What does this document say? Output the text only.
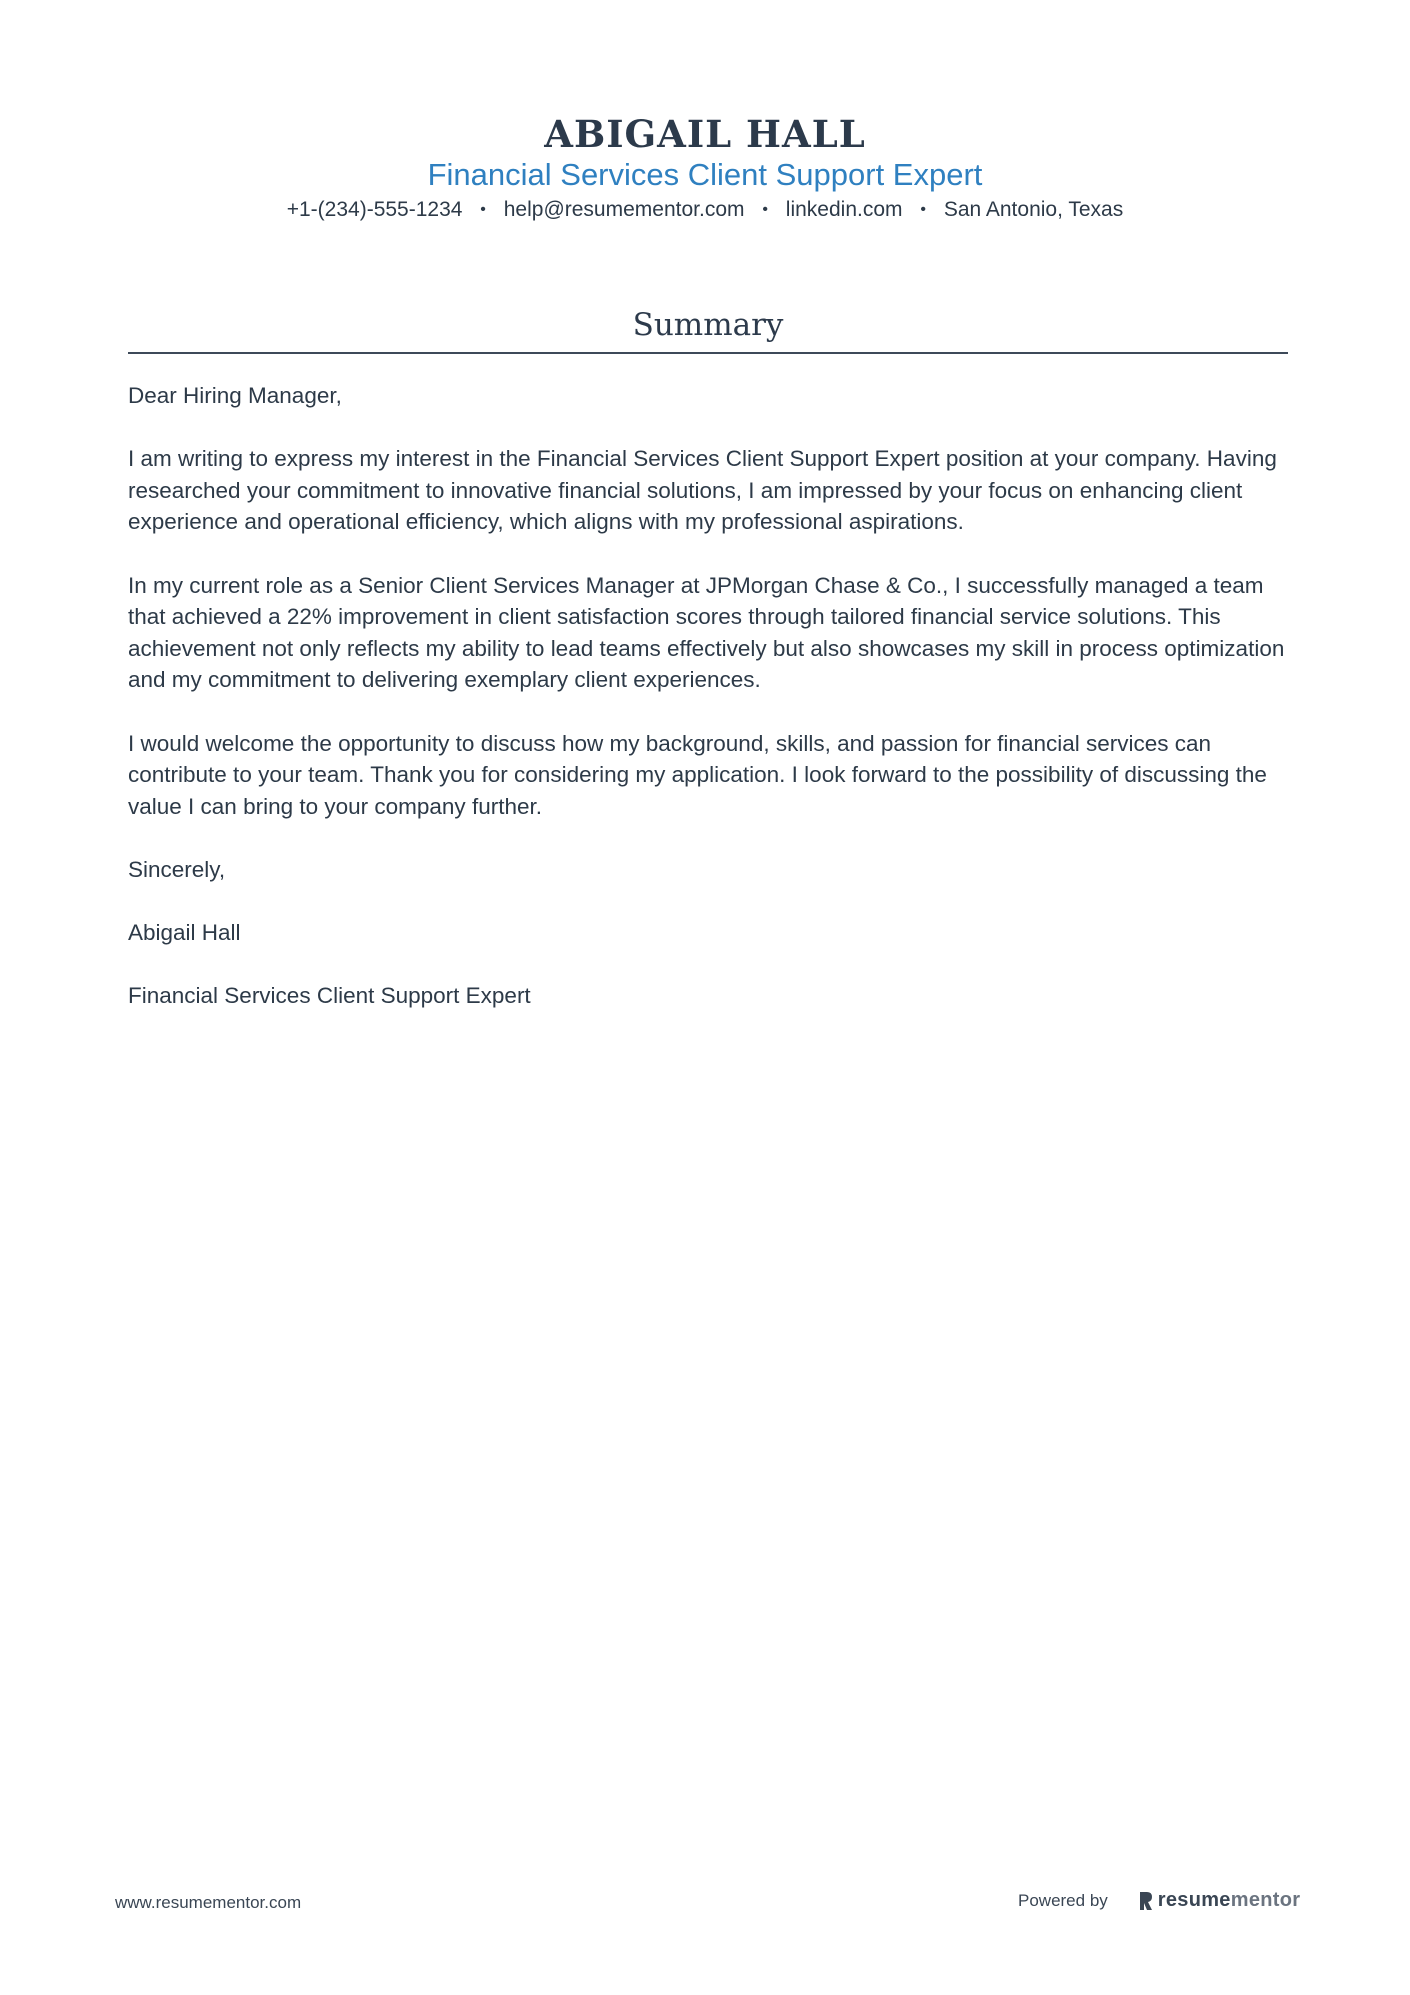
ABIGAIL HALL
Financial Services Client Support Expert
+1-(234)-555-1234 • help@resumementor.com • linkedin.com • San Antonio, Texas
Summary

Dear Hiring Manager,

I am writing to express my interest in the Financial Services Client Support Expert position at your company. Having researched your commitment to innovative financial solutions, I am impressed by your focus on enhancing client experience and operational efficiency, which aligns with my professional aspirations.

In my current role as a Senior Client Services Manager at JPMorgan Chase & Co., I successfully managed a team that achieved a 22% improvement in client satisfaction scores through tailored financial service solutions. This achievement not only reflects my ability to lead teams effectively but also showcases my skill in process optimization and my commitment to delivering exemplary client experiences.

I would welcome the opportunity to discuss how my background, skills, and passion for financial services can contribute to your team. Thank you for considering my application. I look forward to the possibility of discussing the value I can bring to your company further.

Sincerely,

Abigail Hall

Financial Services Client Support Expert

www.resumementor.com	Powered by	resume mentor
